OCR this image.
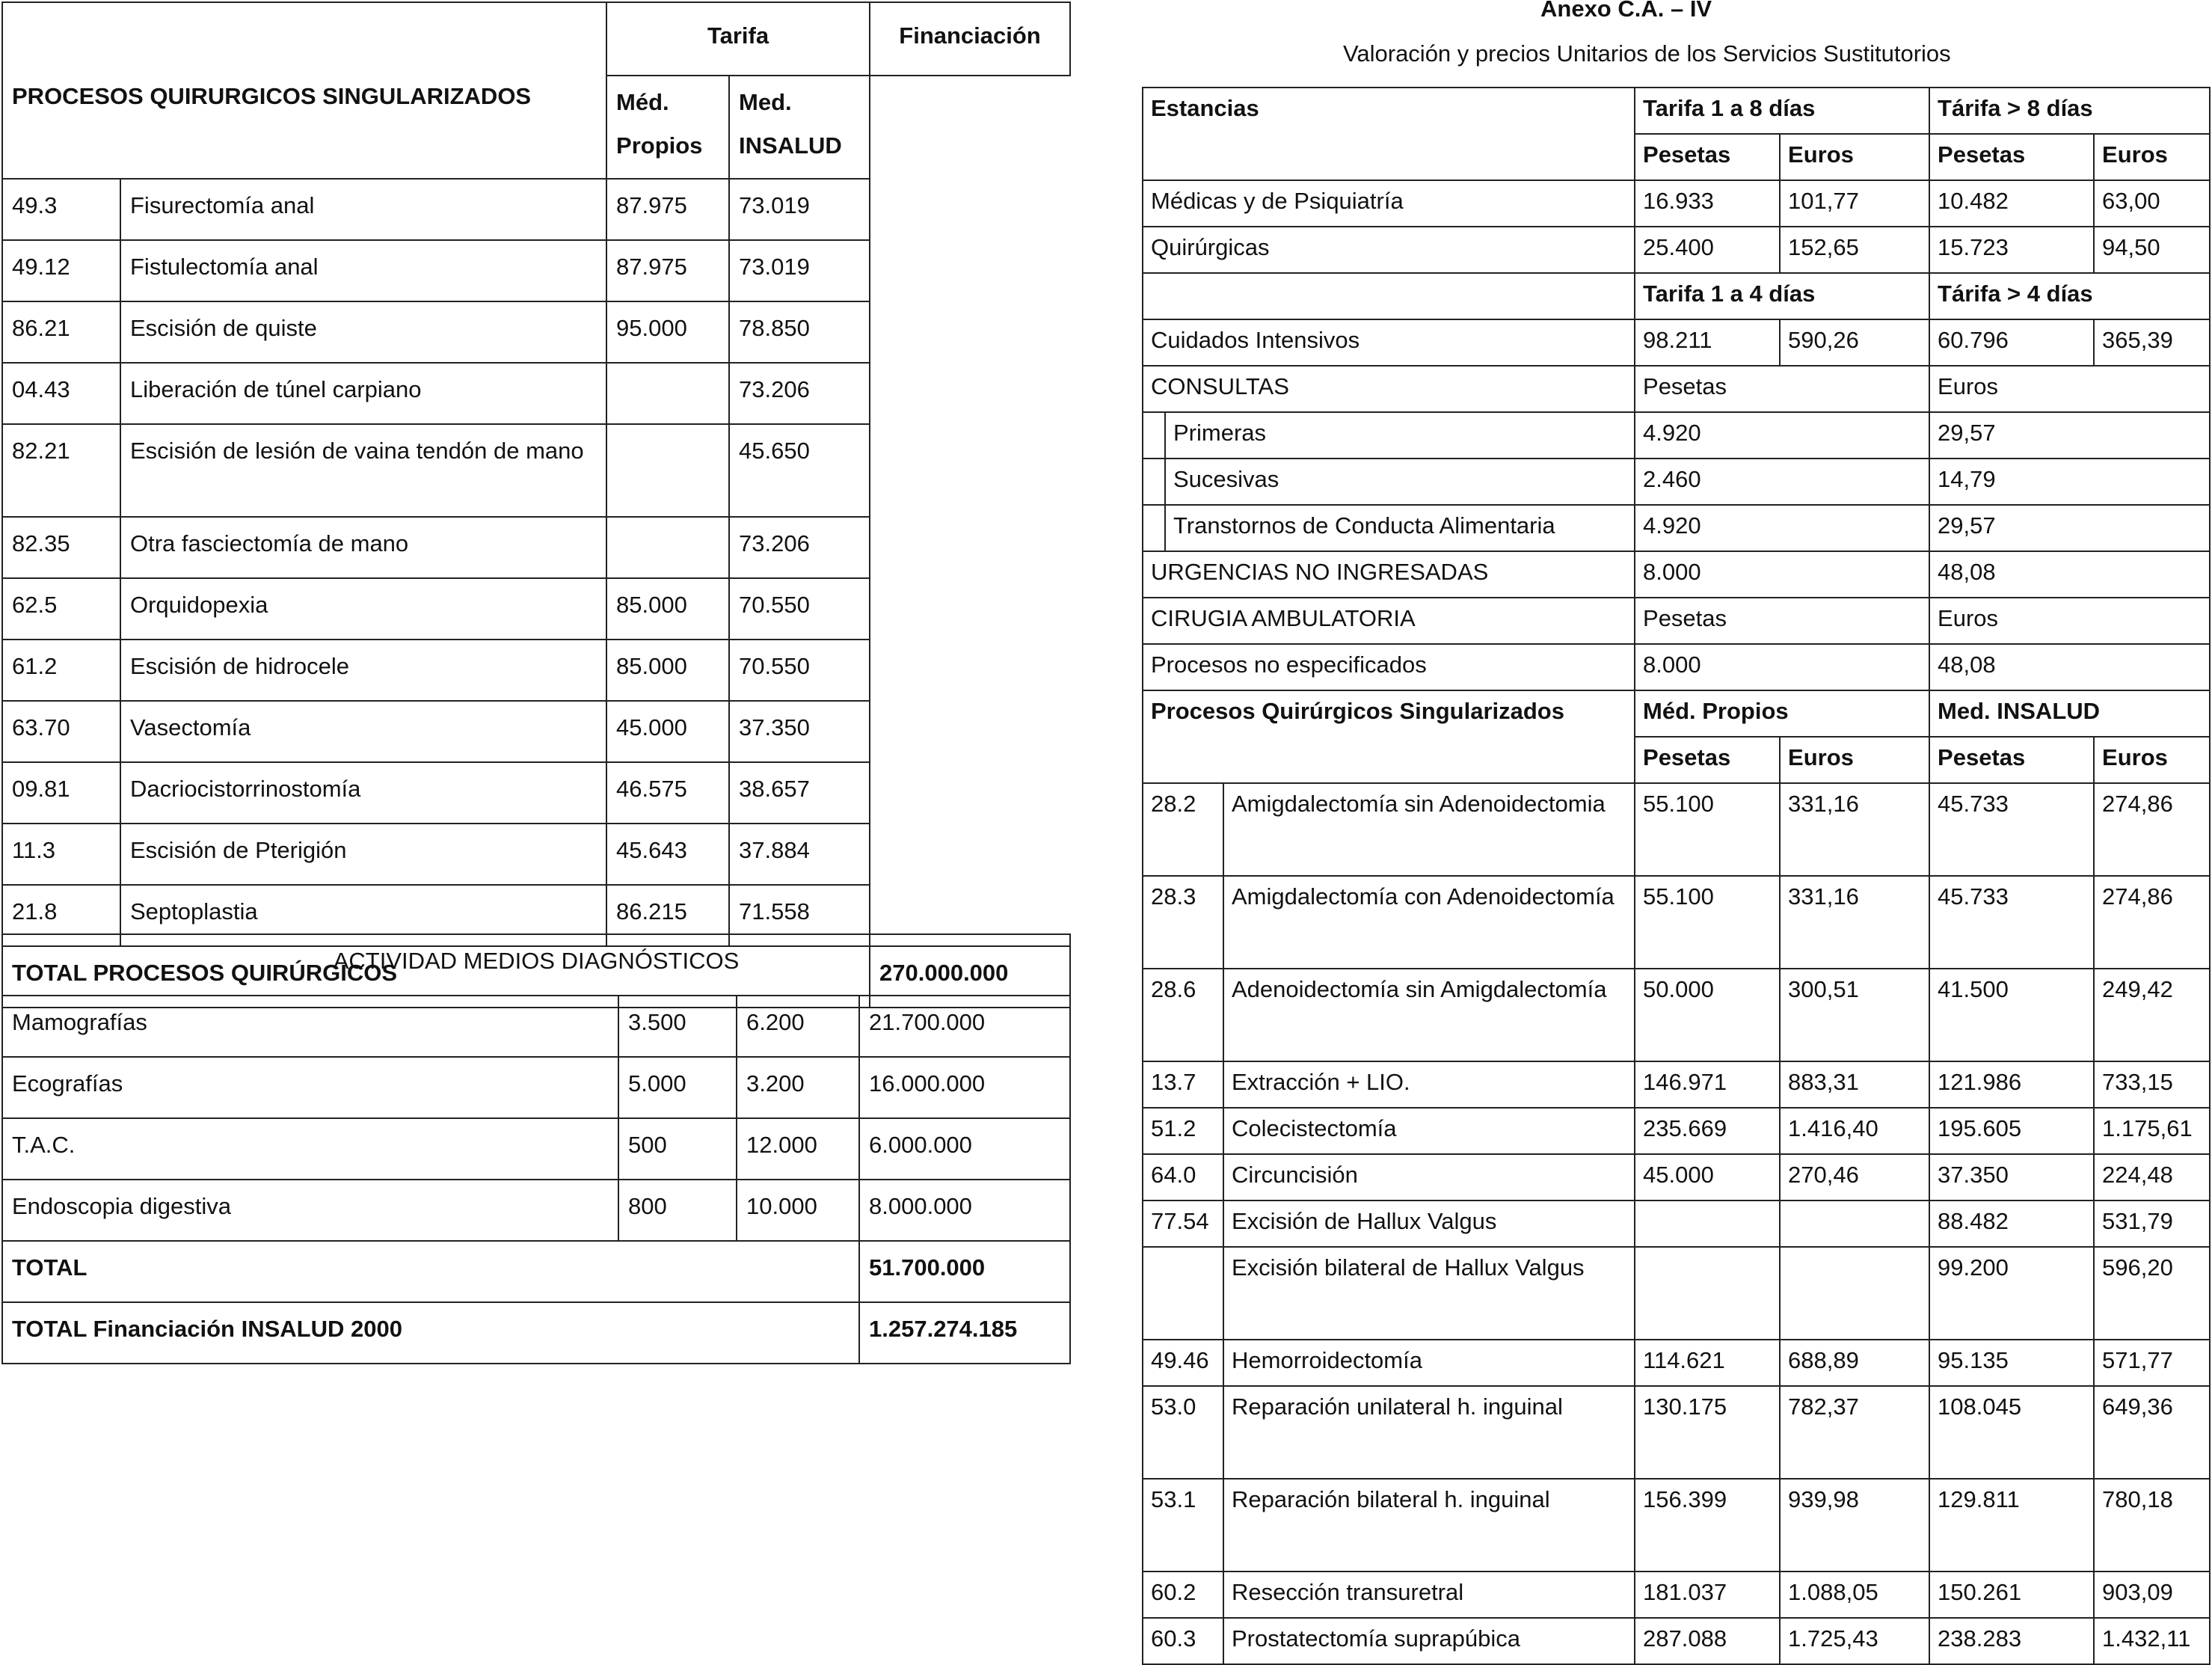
PROCESOS QUIRURGICOS SINGULARIZADOS		Tarifa		Financiación
		Méd. Propios	Med. INSALUD	
49.3	Fisurectomía anal	87.975	73.019	
49.12	Fistulectomía anal	87.975	73.019	
86.21	Escisión de quiste	95.000	78.850	
04.43	Liberación de túnel carpiano		73.206	
82.21	Escisión de lesión de vaina tendón de mano		45.650	
82.35	Otra fasciectomía de mano		73.206	
62.5	Orquidopexia	85.000	70.550	
61.2	Escisión de hidrocele	85.000	70.550	
63.70	Vasectomía	45.000	37.350	
09.81	Dacriocistorrinostomía	46.575	38.657	
11.3	Escisión de Pterigión	45.643	37.884	
21.8	Septoplastia	86.215	71.558	
TOTAL PROCESOS QUIRÚRGICOS				270.000.000
ACTIVIDAD MEDIOS DIAGNÓSTICOS			
Mamografías	3.500	6.200	21.700.000
Ecografías	5.000	3.200	16.000.000
T.A.C.	500	12.000	6.000.000
Endoscopia digestiva	800	10.000	8.000.000
TOTAL			51.700.000
TOTAL Financiación INSALUD 2000			1.257.274.185
Anexo C.A. – IV
Valoración y precios Unitarios de los Servicios Sustitutorios
Estancias		Tarifa 1 a 8 días		Tárifa > 8 días	
		Pesetas	Euros	Pesetas	Euros
Médicas y de Psiquiatría		16.933	101,77	10.482	63,00
Quirúrgicas		25.400	152,65	15.723	94,50
		Tarifa 1 a 4 días		Tárifa > 4 días	
Cuidados Intensivos		98.211	590,26	60.796	365,39
CONSULTAS		Pesetas		Euros	

Primeras		4.920		29,57	

Sucesivas		2.460		14,79	

Transtornos de Conducta Alimentaria		4.920		29,57	
URGENCIAS NO INGRESADAS		8.000		48,08	
CIRUGIA AMBULATORIA		Pesetas		Euros	
Procesos no especificados		8.000		48,08	
Procesos Quirúrgicos Singularizados		Méd. Propios		Med. INSALUD	
		Pesetas	Euros	Pesetas	Euros
28.2	Amigdalectomía sin Adenoidectomia	55.100	331,16	45.733	274,86
28.3	Amigdalectomía con Adenoidectomía	55.100	331,16	45.733	274,86
28.6	Adenoidectomía sin Amigdalectomía	50.000	300,51	41.500	249,42
13.7	Extracción + LIO.	146.971	883,31	121.986	733,15
51.2	Colecistectomía	235.669	1.416,40	195.605	1.175,61
64.0	Circuncisión	45.000	270,46	37.350	224,48
77.54	Excisión de Hallux Valgus			88.482	531,79
	Excisión bilateral de Hallux Valgus			99.200	596,20
49.46	Hemorroidectomía	114.621	688,89	95.135	571,77
53.0	Reparación unilateral h. inguinal	130.175	782,37	108.045	649,36
53.1	Reparación bilateral h. inguinal	156.399	939,98	129.811	780,18
60.2	Resección transuretral	181.037	1.088,05	150.261	903,09
60.3	Prostatectomía suprapúbica	287.088	1.725,43	238.283	1.432,11
